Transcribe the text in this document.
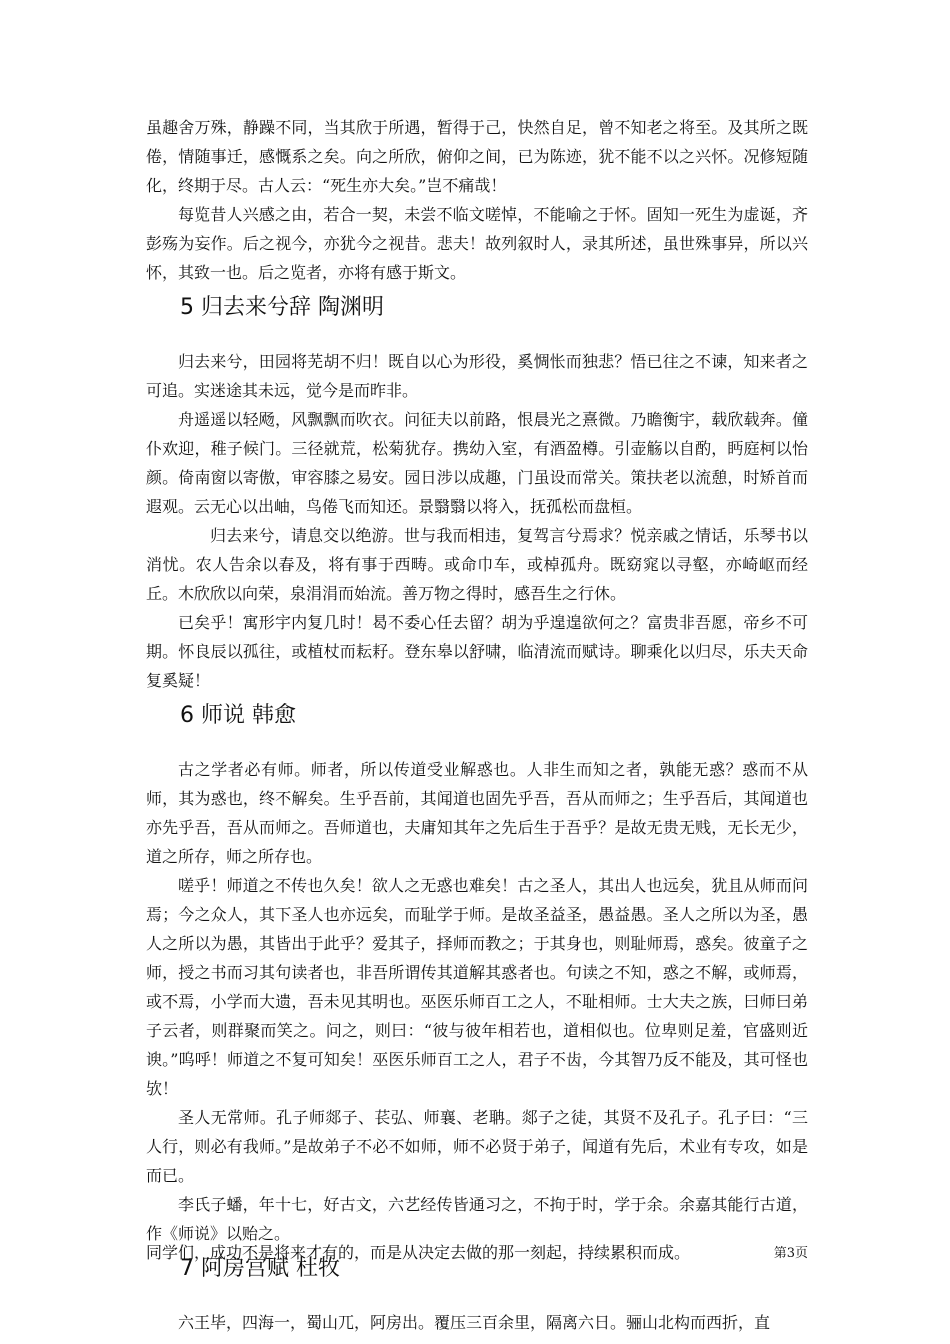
虽趣舍万殊，静躁不同，当其欣于所遇，暂得于己，快然自足，曾不知老之将至。及其所之既倦，情随事迁，感慨系之矣。向之所欣，俯仰之间，已为陈迹，犹不能不以之兴怀。况修短随化，终期于尽。古人云：“死生亦大矣。”岂不痛哉！

每览昔人兴感之由，若合一契，未尝不临文嗟悼，不能喻之于怀。固知一死生为虚诞，齐彭殇为妄作。后之视今，亦犹今之视昔。悲夫！故列叙时人，录其所述，虽世殊事异，所以兴怀，其致一也。后之览者，亦将有感于斯文。

5 归去来兮辞 陶渊明

归去来兮，田园将芜胡不归！既自以心为形役，奚惆怅而独悲？悟已往之不谏，知来者之可追。实迷途其未远，觉今是而昨非。

舟遥遥以轻飏，风飘飘而吹衣。问征夫以前路，恨晨光之熹微。乃瞻衡宇，载欣载奔。僮仆欢迎，稚子候门。三径就荒，松菊犹存。携幼入室，有酒盈樽。引壶觞以自酌，眄庭柯以怡颜。倚南窗以寄傲，审容膝之易安。园日涉以成趣，门虽设而常关。策扶老以流憩，时矫首而遐观。云无心以出岫，鸟倦飞而知还。景翳翳以将入，抚孤松而盘桓。

归去来兮，请息交以绝游。世与我而相违，复驾言兮焉求？悦亲戚之情话，乐琴书以消忧。农人告余以春及，将有事于西畴。或命巾车，或棹孤舟。既窈窕以寻壑，亦崎岖而经丘。木欣欣以向荣，泉涓涓而始流。善万物之得时，感吾生之行休。

已矣乎！寓形宇内复几时！曷不委心任去留？胡为乎遑遑欲何之？富贵非吾愿，帝乡不可期。怀良辰以孤往，或植杖而耘耔。登东皋以舒啸，临清流而赋诗。聊乘化以归尽，乐夫天命复奚疑！

6 师说 韩愈

古之学者必有师。师者，所以传道受业解惑也。人非生而知之者，孰能无惑？惑而不从师，其为惑也，终不解矣。生乎吾前，其闻道也固先乎吾，吾从而师之；生乎吾后，其闻道也亦先乎吾，吾从而师之。吾师道也，夫庸知其年之先后生于吾乎？是故无贵无贱，无长无少，道之所存，师之所存也。

嗟乎！师道之不传也久矣！欲人之无惑也难矣！古之圣人，其出人也远矣，犹且从师而问焉；今之众人，其下圣人也亦远矣，而耻学于师。是故圣益圣，愚益愚。圣人之所以为圣，愚人之所以为愚，其皆出于此乎？爱其子，择师而教之；于其身也，则耻师焉，惑矣。彼童子之师，授之书而习其句读者也，非吾所谓传其道解其惑者也。句读之不知，惑之不解，或师焉，或不焉，小学而大遗，吾未见其明也。巫医乐师百工之人，不耻相师。士大夫之族，曰师曰弟子云者，则群聚而笑之。问之，则曰：“彼与彼年相若也，道相似也。位卑则足羞，官盛则近谀。”呜呼！师道之不复可知矣！巫医乐师百工之人，君子不齿，今其智乃反不能及，其可怪也欤！

圣人无常师。孔子师郯子、苌弘、师襄、老聃。郯子之徒，其贤不及孔子。孔子曰：“三人行，则必有我师。”是故弟子不必不如师，师不必贤于弟子，闻道有先后，术业有专攻，如是而已。

李氏子蟠，年十七，好古文，六艺经传皆通习之，不拘于时，学于余。余嘉其能行古道，作《师说》以贻之。

7 阿房宫赋 杜牧

六王毕，四海一，蜀山兀，阿房出。覆压三百余里，隔离六日。骊山北构而西折，直

同学们，成功不是将来才有的，而是从决定去做的那一刻起，持续累积而成。	第3页
